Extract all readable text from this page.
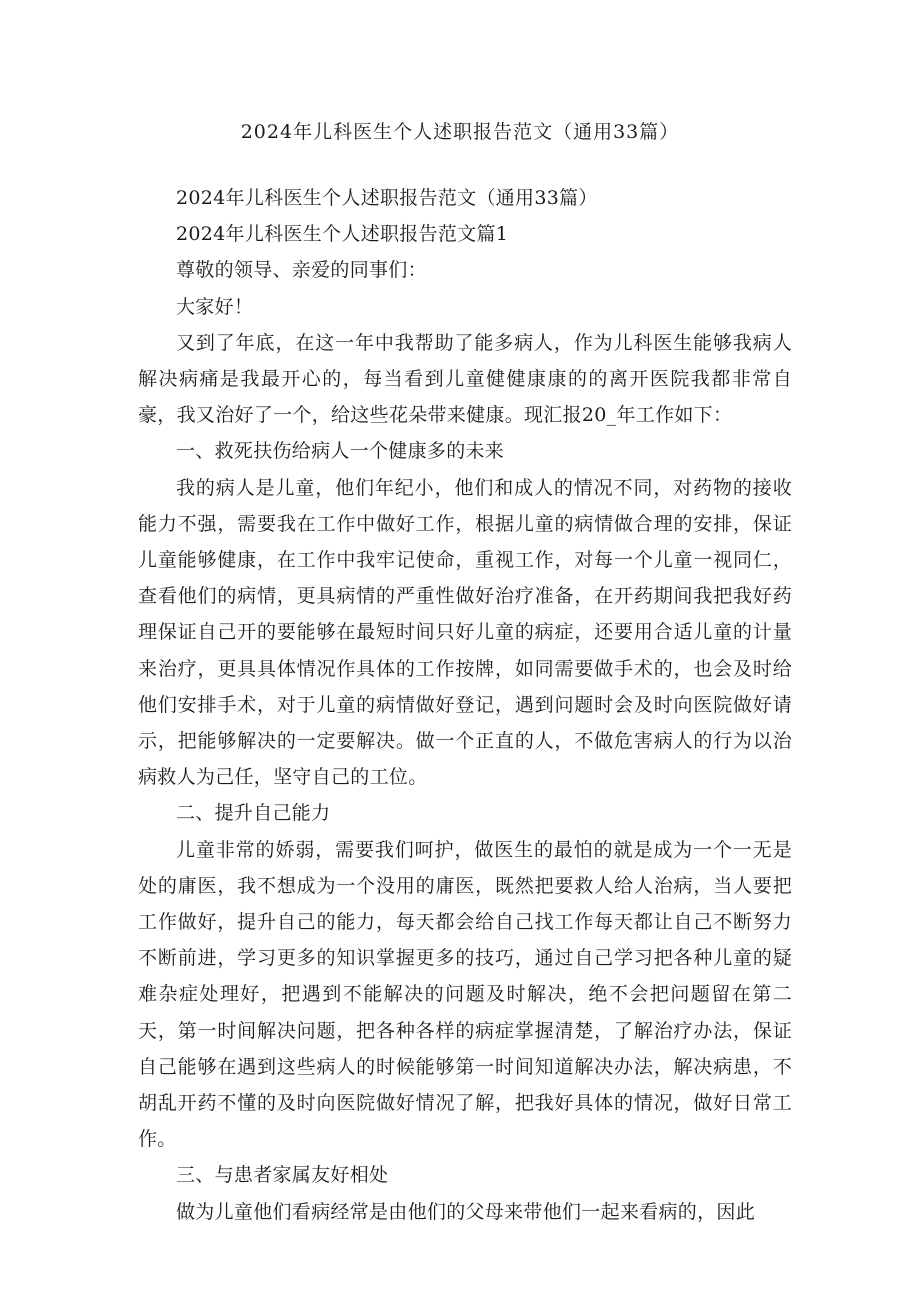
2024年儿科医生个人述职报告范文（通用33篇）

2024年儿科医生个人述职报告范文（通用33篇）

2024年儿科医生个人述职报告范文篇1

尊敬的领导、亲爱的同事们：

大家好！

又到了年底，在这一年中我帮助了能多病人，作为儿科医生能够我病人解决病痛是我最开心的，每当看到儿童健健康康的的离开医院我都非常自豪，我又治好了一个，给这些花朵带来健康。现汇报20_年工作如下：

一、救死扶伤给病人一个健康多的未来

我的病人是儿童，他们年纪小，他们和成人的情况不同，对药物的接收能力不强，需要我在工作中做好工作，根据儿童的病情做合理的安排，保证儿童能够健康，在工作中我牢记使命，重视工作，对每一个儿童一视同仁，查看他们的病情，更具病情的严重性做好治疗准备，在开药期间我把我好药理保证自己开的要能够在最短时间只好儿童的病症，还要用合适儿童的计量来治疗，更具具体情况作具体的工作按牌，如同需要做手术的，也会及时给他们安排手术，对于儿童的病情做好登记，遇到问题时会及时向医院做好请示，把能够解决的一定要解决。做一个正直的人，不做危害病人的行为以治病救人为己任，坚守自己的工位。

二、提升自己能力

儿童非常的娇弱，需要我们呵护，做医生的最怕的就是成为一个一无是处的庸医，我不想成为一个没用的庸医，既然把要救人给人治病，当人要把工作做好，提升自己的能力，每天都会给自己找工作每天都让自己不断努力不断前进，学习更多的知识掌握更多的技巧，通过自己学习把各种儿童的疑难杂症处理好，把遇到不能解决的问题及时解决，绝不会把问题留在第二天，第一时间解决问题，把各种各样的病症掌握清楚，了解治疗办法，保证自己能够在遇到这些病人的时候能够第一时间知道解决办法，解决病患，不胡乱开药不懂的及时向医院做好情况了解，把我好具体的情况，做好日常工作。

三、与患者家属友好相处

做为儿童他们看病经常是由他们的父母来带他们一起来看病的，因此
